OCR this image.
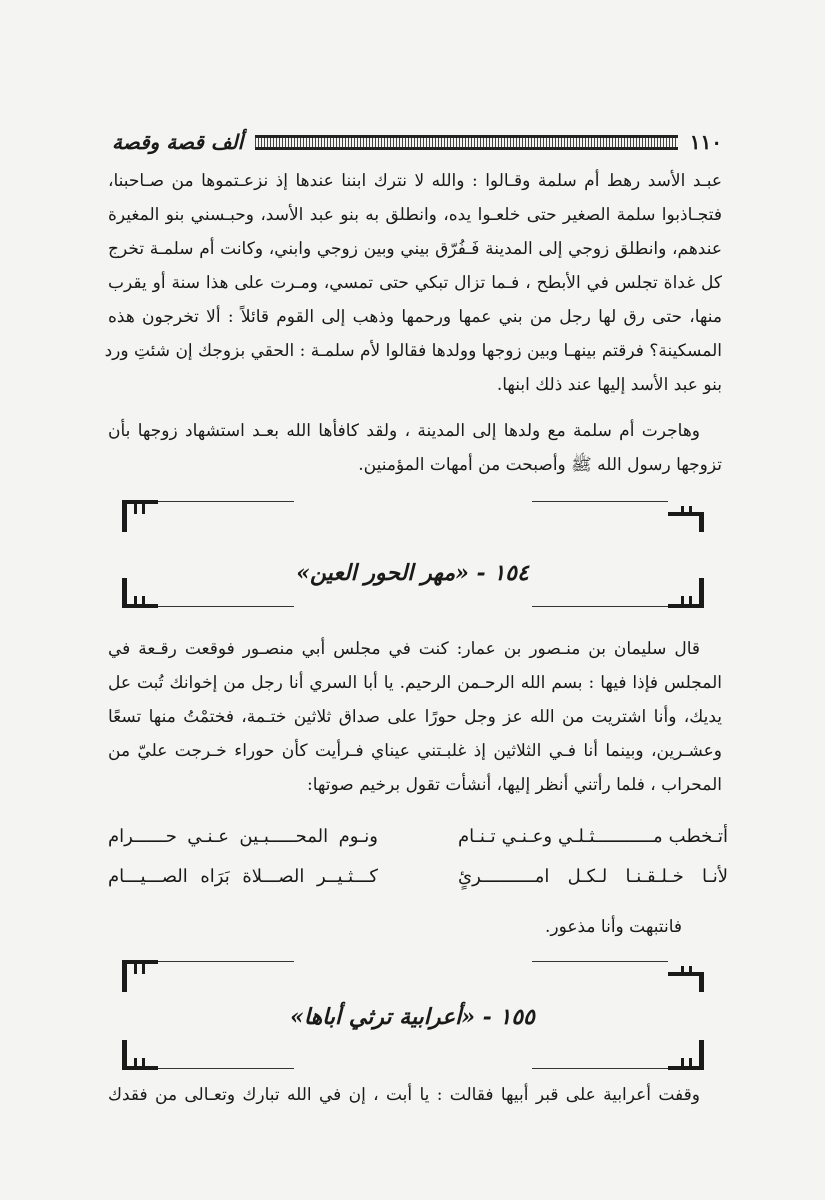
ألف قصة وقصة	١١٠
عبـد الأسد رهط أم سلمة وقـالوا : والله لا نترك ابننا عندها إذ نزعـتموها من صـاحبنا،
فتجـاذبوا سلمة الصغير حتى خلعـوا يده، وانطلق به بنو عبد الأسد، وحبـسني بنو المغيرة
عندهم، وانطلق زوجي إلى المدينة فَـفُرّق بيني وبين زوجي وابني، وكانت أم سلمـة تخرج
كل غداة تجلس في الأبطح ، فـما تزال تبكي حتى تمسي، ومـرت على هذا سنة أو يقرب
منها، حتى رق لها رجل من بني عمها ورحمها وذهب إلى القوم قائلاً : ألا تخرجون هذه
المسكينة؟ فرقتم بينهـا وبين زوجها وولدها فقالوا لأم سلمـة : الحقي بزوجك إن شئتِ ورد
بنو عبد الأسد إليها عند ذلك ابنها.
وهاجرت أم سلمة مع ولدها إلى المدينة ، ولقد كافأها الله بعـد استشهاد زوجها بأن
تزوجها رسول الله ﷺ وأصبحت من أمهات المؤمنين.
١٥٤ - «مهر الحور العين»
قال سليمان بن منـصور بن عمار: كنت في مجلس أبي منصـور فوقعت رقـعة في
المجلس فإذا فيها : بسم الله الرحـمن الرحيم. يا أبا السري أنا رجل من إخوانك تُبت عل
يديك، وأنا اشتريت من الله عز وجل حورًا على صداق ثلاثين ختـمة، فختمْتُ منها تسعًا
وعشـرين، وبينما أنا فـي الثلاثين إذ غلبـتني عيناي فـرأيت كأن حوراء خـرجت عليّ من
المحراب ، فلما رأتني أنظر إليها، أنشأت تقول برخيم صوتها:
أتـخطب مـــــــــــثـلـي وعـنـي تـنـام
ونـوم المحـــــبـين عـنـي حــــــرام
لأنـا خـلـقـنـا لـكـل امــــــــــرئٍ
كـــثـيــر الصـــلاة بَرَاه الصـــيـــام
فانتبهت وأنا مذعور.
١٥٥ - «أعرابية ترثي أباها»
وقفت أعرابية على قبر أبيها فقالت : يا أبت ، إن في الله تبارك وتعـالى من فقدك
